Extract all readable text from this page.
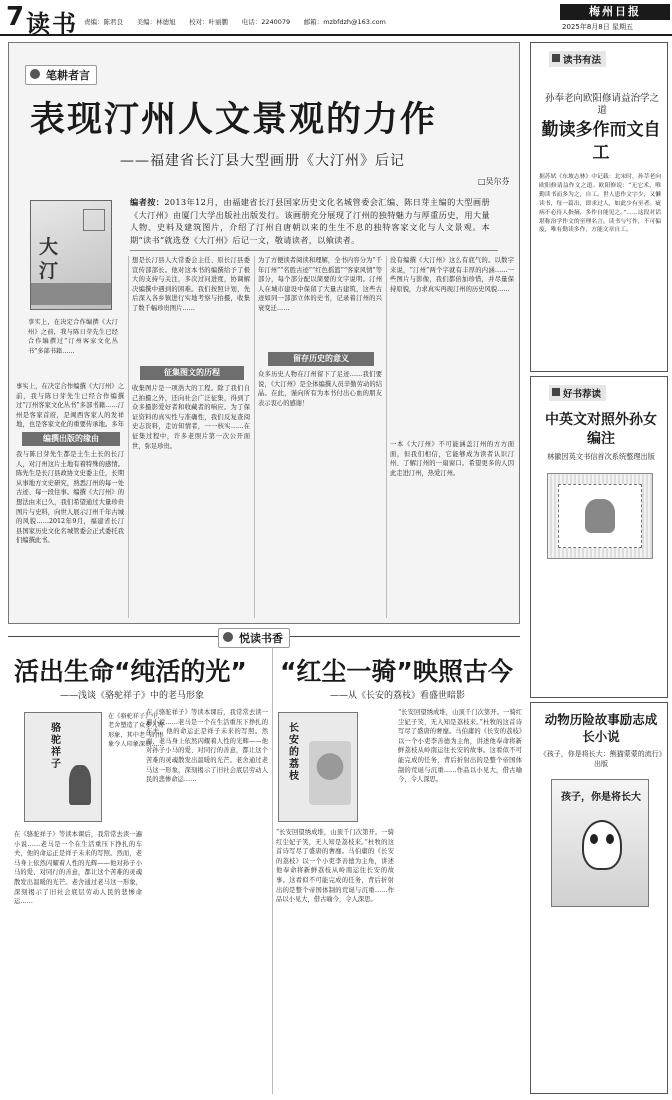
7 读书 责编：陈君良 　美编：林德旭 　校对：叶丽鹏 　电话：2240079 　邮箱：mzbfdzh@163.com
梅州日报
2025年8月8日 星期五
笔耕者言
表现汀州人文景观的力作
——福建省长汀县大型画册《大汀州》后记
□吴尔芬
大汀
事实上，在决定合作编撰《大汀州》之前，我与陈日芽先生已经合作编撰过“汀州客家文化丛书”多部书籍……
编者按：2013年12月，由福建省长汀县国家历史文化名城管委会汇编、陈日芽主编的大型画册《大汀州》由厦门大学出版社出版发行。该画册充分展现了汀州的独特魅力与厚重历史，用大量人物、史料及建筑图片，介绍了汀州自唐朝以来的生生不息的独特客家文化与人文景观。本期“读书”就选登《大汀州》后记一文，敬请读者，以飨读者。
事实上，在决定合作编撰《大汀州》之前，我与陈日芽先生已经合作编撰过“汀州客家文化丛书”多部书籍……汀州是客家首府，是闽西客家人的发祥地，也是客家文化的重要传承地。多年
编撰出版的缘由
我与陈日芽先生都是土生土长的长汀人，对汀州这片土地有着特殊的感情。陈先生是长汀县政协文史委主任，长期从事地方文史研究，熟悉汀州的每一处古迹、每一段往事。编撰《大汀州》的想法由来已久，我们希望通过大量珍贵图片与史料，向世人展示汀州千年古城的风貌……2012年9月，福建省长汀县国家历史文化名城管委会正式委托我们编撰此书。
想是长汀县人大常委会主任、原长汀县委宣传部部长。他对这本书的编撰给予了极大的支持与关注，多次过问进度，协调解决编撰中遇到的困难。我们按照计划，先后深入各乡镇进行实地考察与拍摄，收集了数千幅珍贵图片……
征集图文的历程
收集图片是一项浩大的工程。除了我们自己拍摄之外，还向社会广泛征集，得到了众多摄影爱好者和收藏者的响应。为了保证资料的真实性与准确性，我们反复查阅史志资料，走访知情者，一一核实……在征集过程中，许多老照片第一次公开面世，弥足珍贵。
为了方便读者阅读和理解，全书内容分为“千年汀州”“名胜古迹”“红色摇篮”“客家风情”等部分，每个部分配以简要的文字说明。汀州人在城市建设中保留了大量古建筑，这些古迹如同一部部立体的史书，记录着汀州的兴衰变迁……
留存历史的意义
众多历史人物在汀州留下了足迹……我们要说，《大汀州》是全体编撰人员辛勤劳动的结晶。在此，谨向所有为本书付出心血的朋友表示衷心的感谢！
没有编撰《大汀州》这么有底气的。以数字来说，“汀州”两个字就有丰厚的内涵……一些图片与影像，我们都倍加珍惜，并尽量保持原貌，力求真实再现汀州的历史风貌……
一本《大汀州》不可能涵盖汀州的方方面面，但我们相信，它能够成为读者认识汀州、了解汀州的一扇窗口。希望更多的人因此走进汀州，热爱汀州。
读书有法
孙奉老向欧阳修请益治学之道
勤读多作而文自工
据苏轼《东坡志林》中记载：北宋时，孙莘老向欧阳修请益作文之道。欧阳修说：“无它术，唯勤读书而多为之，自工。世人患作文字少，又懒读书，每一篇出，即求过人，如此少有至者。疵病不必待人指摘，多作自能见之。”……这段对话堪称治学作文的至理名言。读书与写作，不可偏废，唯有勤读多作，方能文章自工。
好书荐读
中英文对照外孙女编注
林徽因英文书信首次系统整理出版
动物历险故事励志成长小说
《孩子，你是将长大：熊猫蒙蒙的流行》出版
孩子，你是将长大
悦读书香
活出生命“纯活的光”
——浅谈《骆驼祥子》中的老马形象
“红尘一骑”映照古今
——从《长安的荔枝》看盛世暗影
骆驼祥子
在《骆驼祥子》中，老舍塑造了众多人物形象，其中老马的形象令人印象深刻……
在《骆驼祥子》等读本课后，我常常去读一遍小说……老马是一个在生活重压下挣扎的车夫，他的命运正是祥子未来的写照。然而，老马身上依然闪耀着人性的光辉——他对孙子小马的爱、对同行的善意，都让这个苦难的灵魂散发出温暖的光芒。老舍通过老马这一形象，深刻揭示了旧社会底层劳动人民的悲惨命运……
在《骆驼祥子》等读本课后，我常常去读一遍小说……老马是一个在生活重压下挣扎的车夫，他的命运正是祥子未来的写照。然而，老马身上依然闪耀着人性的光辉——他对孙子小马的爱、对同行的善意，都让这个苦难的灵魂散发出温暖的光芒。老舍通过老马这一形象，深刻揭示了旧社会底层劳动人民的悲惨命运……
长安的荔枝
“长安回望绣成堆，山顶千门次第开。一骑红尘妃子笑，无人知是荔枝来。”杜牧的这首诗写尽了盛唐的奢靡。马伯庸的《长安的荔枝》以一个小吏李善德为主角，讲述他奉命将新鲜荔枝从岭南运往长安的故事。这看似不可能完成的任务，背后折射出的是整个帝国体制的荒诞与沉重……作品以小见大，借古喻今，令人深思。
“长安回望绣成堆，山顶千门次第开。一骑红尘妃子笑，无人知是荔枝来。”杜牧的这首诗写尽了盛唐的奢靡。马伯庸的《长安的荔枝》以一个小吏李善德为主角，讲述他奉命将新鲜荔枝从岭南运往长安的故事。这看似不可能完成的任务，背后折射出的是整个帝国体制的荒诞与沉重……作品以小见大，借古喻今，令人深思。
